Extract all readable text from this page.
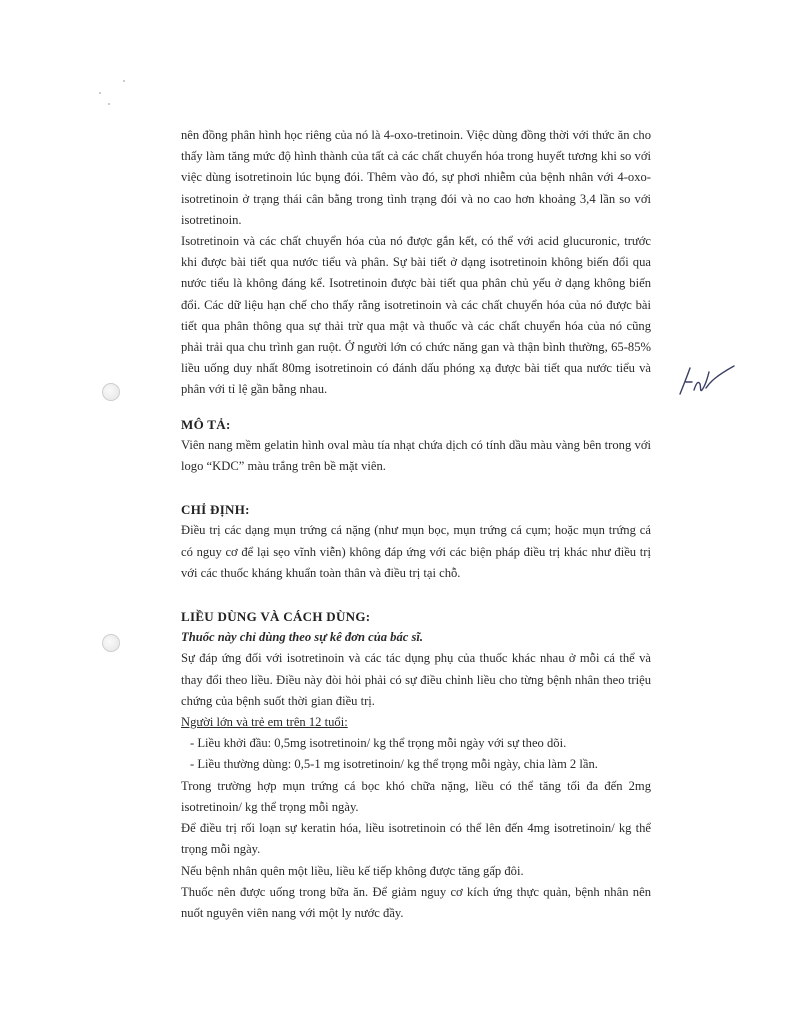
nên đồng phân hình học riêng của nó là 4-oxo-tretinoin. Việc dùng đồng thời với thức ăn cho thấy làm tăng mức độ hình thành của tất cả các chất chuyển hóa trong huyết tương khi so với việc dùng isotretinoin lúc bụng đói. Thêm vào đó, sự phơi nhiễm của bệnh nhân với 4-oxo-isotretinoin ở trạng thái cân bằng trong tình trạng đói và no cao hơn khoảng 3,4 lần so với isotretinoin.

Isotretinoin và các chất chuyển hóa của nó được gắn kết, có thể với acid glucuronic, trước khi được bài tiết qua nước tiểu và phân. Sự bài tiết ở dạng isotretinoin không biến đổi qua nước tiểu là không đáng kể. Isotretinoin được bài tiết qua phân chủ yếu ở dạng không biến đổi. Các dữ liệu hạn chế cho thấy rằng isotretinoin và các chất chuyển hóa của nó được bài tiết qua phân thông qua sự thải trừ qua mật và thuốc và các chất chuyển hóa của nó cũng phải trải qua chu trình gan ruột. Ở người lớn có chức năng gan và thận bình thường, 65-85% liều uống duy nhất 80mg isotretinoin có đánh dấu phóng xạ được bài tiết qua nước tiểu và phân với tỉ lệ gần bằng nhau.

MÔ TẢ:

Viên nang mềm gelatin hình oval màu tía nhạt chứa dịch có tính dầu màu vàng bên trong với logo “KDC” màu trắng trên bề mặt viên.

CHỈ ĐỊNH:

Điều trị các dạng mụn trứng cá nặng (như mụn bọc, mụn trứng cá cụm; hoặc mụn trứng cá có nguy cơ để lại sẹo vĩnh viễn) không đáp ứng với các biện pháp điều trị khác như điều trị với các thuốc kháng khuẩn toàn thân và điều trị tại chỗ.

LIỀU DÙNG VÀ CÁCH DÙNG:

Thuốc này chỉ dùng theo sự kê đơn của bác sĩ.

Sự đáp ứng đối với isotretinoin và các tác dụng phụ của thuốc khác nhau ở mỗi cá thể và thay đổi theo liều. Điều này đòi hỏi phải có sự điều chỉnh liều cho từng bệnh nhân theo triệu chứng của bệnh suốt thời gian điều trị.

Người lớn và trẻ em trên 12 tuổi:

- Liều khởi đầu: 0,5mg isotretinoin/ kg thể trọng mỗi ngày với sự theo dõi.

- Liều thường dùng: 0,5-1 mg isotretinoin/ kg thể trọng mỗi ngày, chia làm 2 lần.

Trong trường hợp mụn trứng cá bọc khó chữa nặng, liều có thể tăng tối đa đến 2mg isotretinoin/ kg thể trọng mỗi ngày.

Để điều trị rối loạn sự keratin hóa, liều isotretinoin có thể lên đến 4mg isotretinoin/ kg thể trọng mỗi ngày.

Nếu bệnh nhân quên một liều, liều kế tiếp không được tăng gấp đôi.

Thuốc nên được uống trong bữa ăn. Để giảm nguy cơ kích ứng thực quản, bệnh nhân nên nuốt nguyên viên nang với một ly nước đầy.
